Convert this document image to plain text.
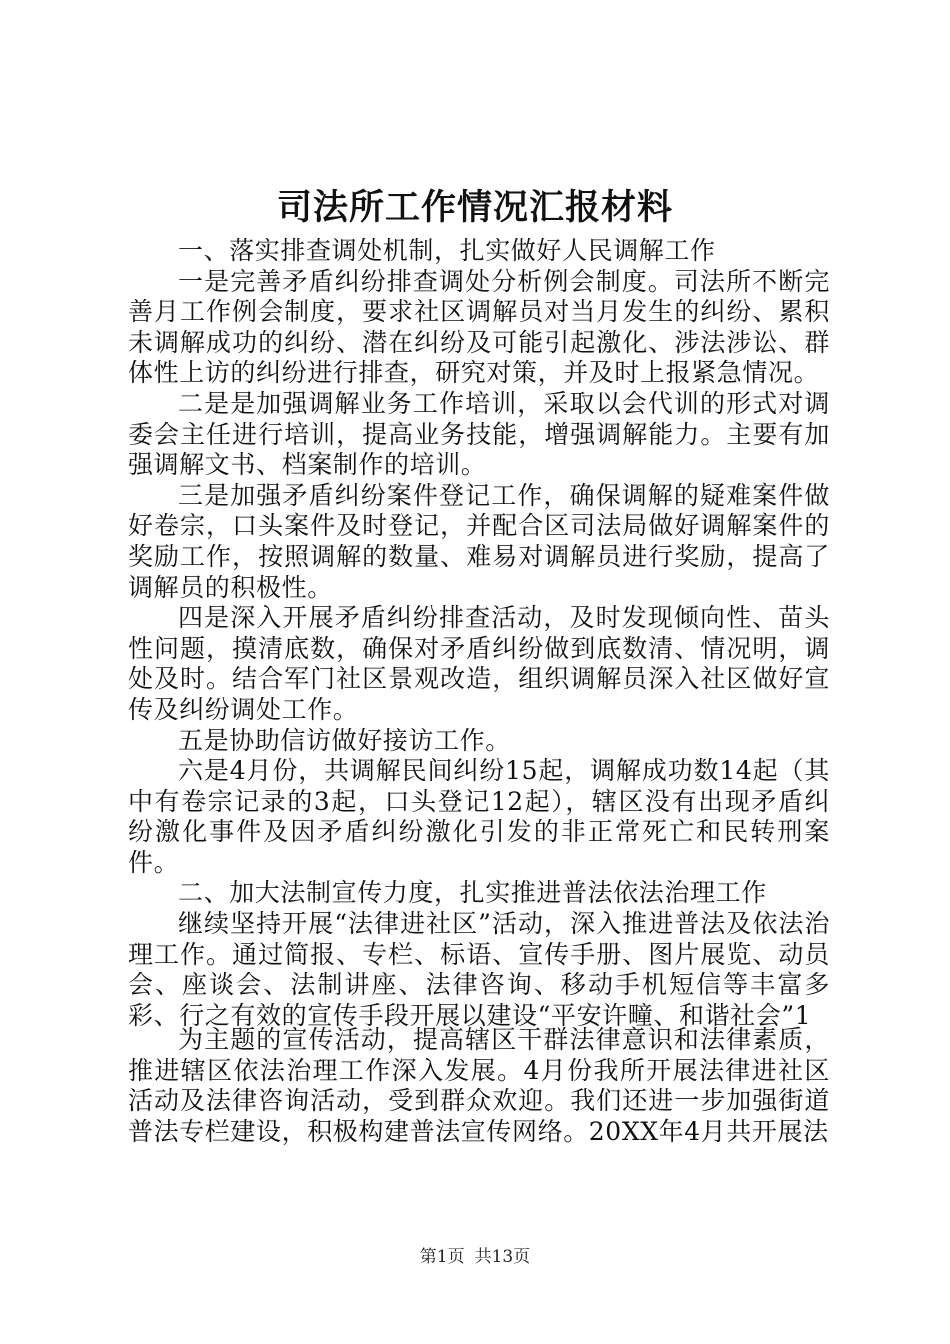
司法所工作情况汇报材料

一、落实排查调处机制，扎实做好人民调解工作

一是完善矛盾纠纷排查调处分析例会制度。司法所不断完善月工作例会制度，要求社区调解员对当月发生的纠纷、累积未调解成功的纠纷、潜在纠纷及可能引起激化、涉法涉讼、群体性上访的纠纷进行排查，研究对策，并及时上报紧急情况。

二是是加强调解业务工作培训，采取以会代训的形式对调委会主任进行培训，提高业务技能，增强调解能力。主要有加强调解文书、档案制作的培训。

三是加强矛盾纠纷案件登记工作，确保调解的疑难案件做好卷宗，口头案件及时登记，并配合区司法局做好调解案件的奖励工作，按照调解的数量、难易对调解员进行奖励，提高了调解员的积极性。

四是深入开展矛盾纠纷排查活动，及时发现倾向性、苗头性问题，摸清底数，确保对矛盾纠纷做到底数清、情况明，调处及时。结合军门社区景观改造，组织调解员深入社区做好宣传及纠纷调处工作。

五是协助信访做好接访工作。

六是4月份，共调解民间纠纷15起，调解成功数14起（其中有卷宗记录的3起，口头登记12起），辖区没有出现矛盾纠纷激化事件及因矛盾纠纷激化引发的非正常死亡和民转刑案件。

二、加大法制宣传力度，扎实推进普法依法治理工作

继续坚持开展“法律进社区”活动，深入推进普法及依法治理工作。通过简报、专栏、标语、宣传手册、图片展览、动员会、座谈会、法制讲座、法律咨询、移动手机短信等丰富多彩、行之有效的宣传手段开展以建设“平安许疃、和谐社会”1

为主题的宣传活动，提高辖区干群法律意识和法律素质，推进辖区依法治理工作深入发展。4月份我所开展法律进社区活动及法律咨询活动，受到群众欢迎。我们还进一步加强街道普法专栏建设，积极构建普法宣传网络。20XX年4月共开展法

第1页 共13页
